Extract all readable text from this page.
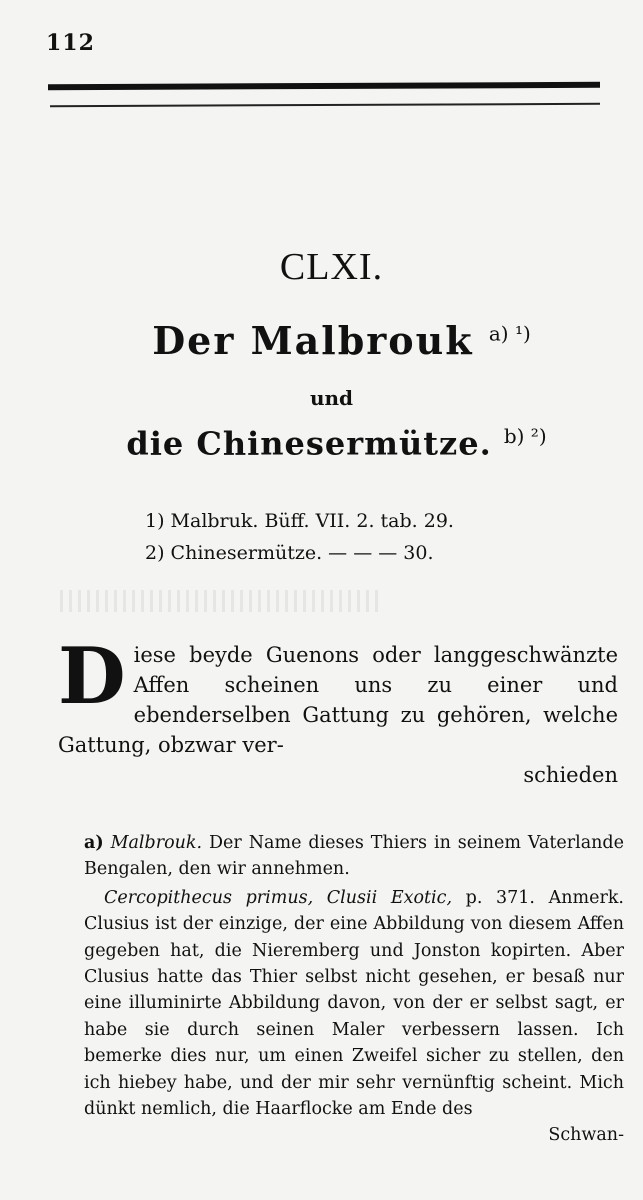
112
CLXI.
Der Malbrouk $^{a) ^1)}$
und
die Chinesermütze. $^{b) ^2)}$
1) Malbruk. Büff. VII. 2. tab. 29.
2) Chinesermütze. — — — 30.
D iese beyde Guenons oder langgeschwänzte Affen scheinen uns zu einer und ebenderselben Gattung zu gehören, welche Gattung, obzwar ver-
schieden
a) Malbrouk. Der Name dieses Thiers in seinem Vaterlande Bengalen, den wir annehmen.
Cercopithecus primus, Clusii Exotic, p. 371. Anmerk. Clusius ist der einzige, der eine Abbildung von diesem Affen gegeben hat, die Nieremberg und Jonston kopirten. Aber Clusius hatte das Thier selbst nicht gesehen, er besaß nur eine illuminirte Abbildung davon, von der er selbst sagt, er habe sie durch seinen Maler verbessern lassen. Ich bemerke dies nur, um einen Zweifel sicher zu stellen, den ich hiebey habe, und der mir sehr vernünftig scheint. Mich dünkt nemlich, die Haarflocke am Ende des
Schwan-
